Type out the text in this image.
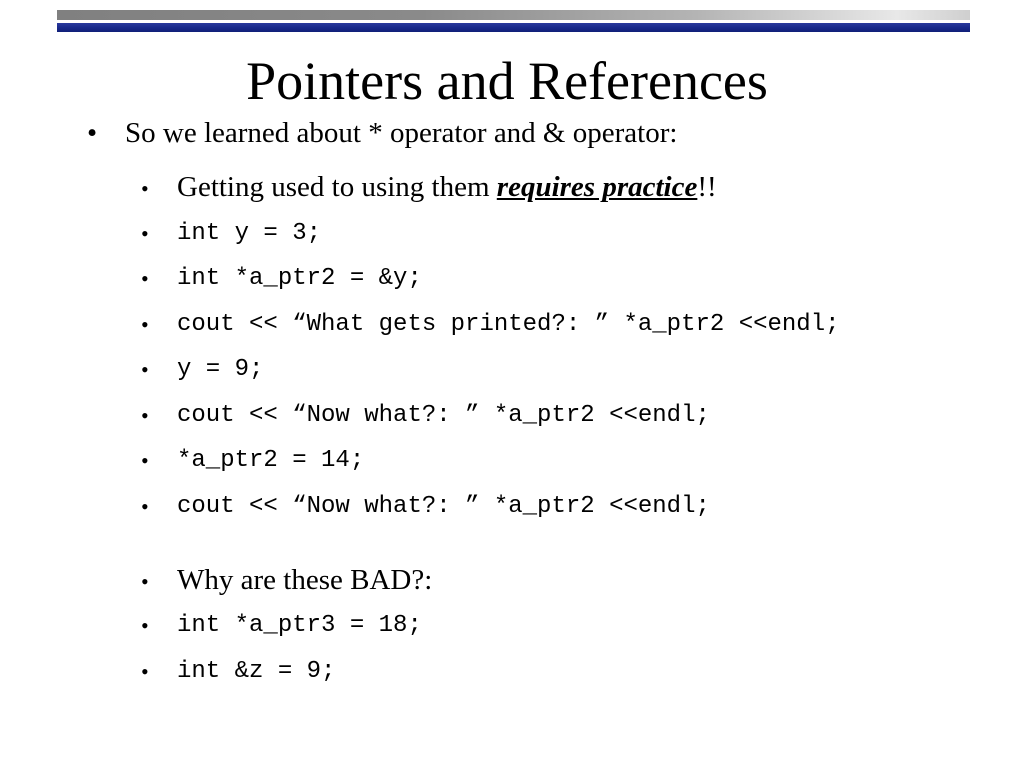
Pointers and References
• So we learned about * operator and & operator:
• Getting used to using them requires practice!!
• int y = 3;
• int *a_ptr2 = &y;
• cout << “What gets printed?: ” *a_ptr2 <<endl;
• y = 9;
• cout << “Now what?: ” *a_ptr2 <<endl;
• *a_ptr2 = 14;
• cout << “Now what?: ” *a_ptr2 <<endl;
• Why are these BAD?:
• int *a_ptr3 = 18;
• int &z = 9;
